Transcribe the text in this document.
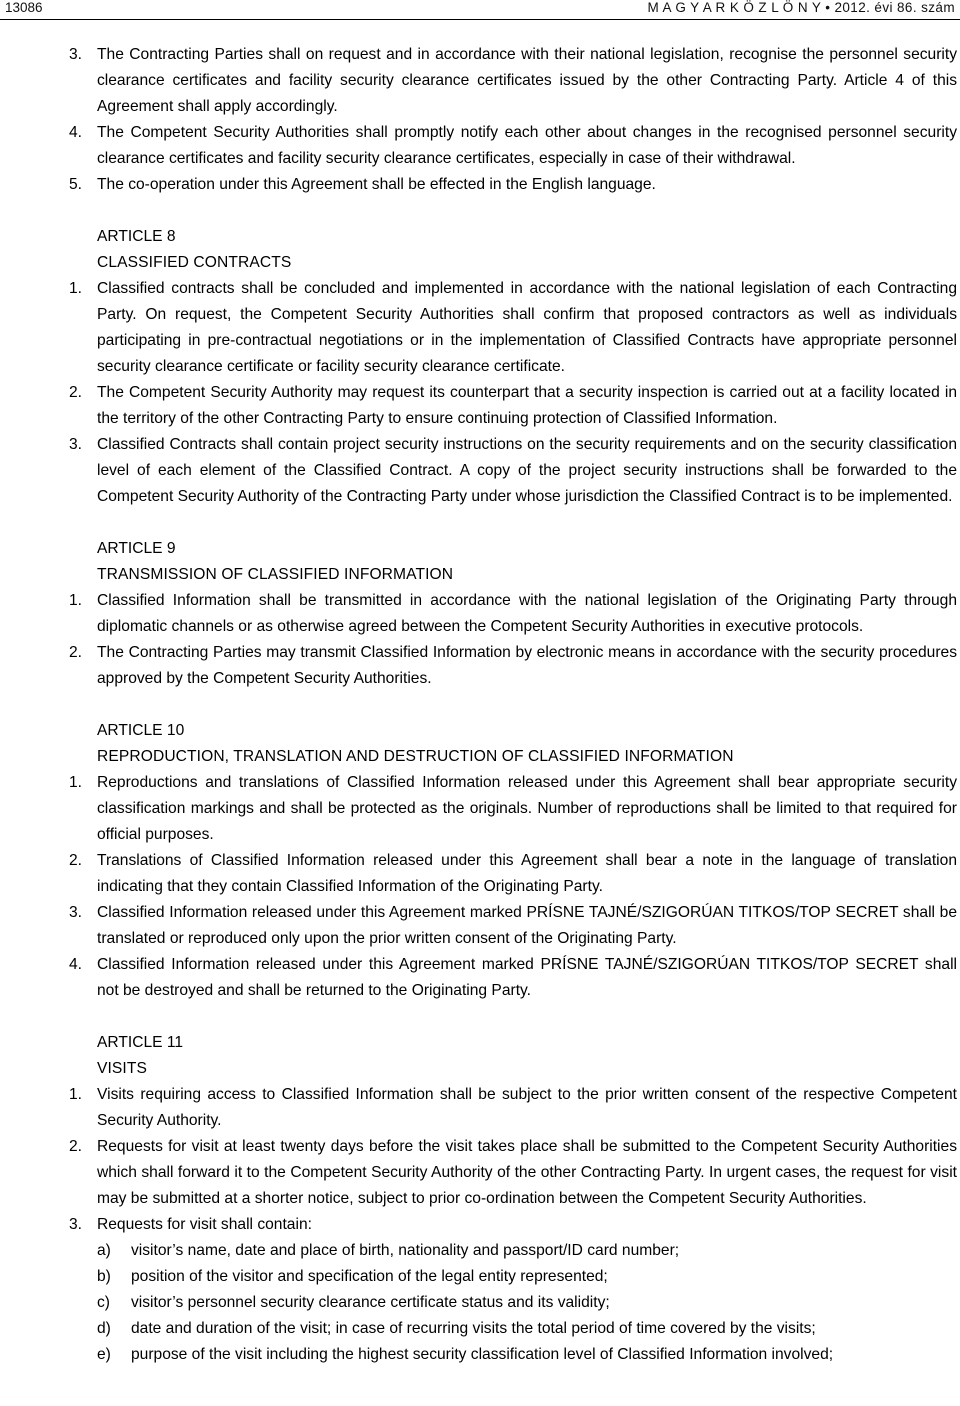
13086	M A G Y A R K Ö Z L Ö N Y • 2012. évi 86. szám
3. The Contracting Parties shall on request and in accordance with their national legislation, recognise the personnel security clearance certificates and facility security clearance certificates issued by the other Contracting Party. Article 4 of this Agreement shall apply accordingly.
4. The Competent Security Authorities shall promptly notify each other about changes in the recognised personnel security clearance certificates and facility security clearance certificates, especially in case of their withdrawal.
5. The co-operation under this Agreement shall be effected in the English language.
ARTICLE 8
CLASSIFIED CONTRACTS
1. Classified contracts shall be concluded and implemented in accordance with the national legislation of each Contracting Party. On request, the Competent Security Authorities shall confirm that proposed contractors as well as individuals participating in pre-contractual negotiations or in the implementation of Classified Contracts have appropriate personnel security clearance certificate or facility security clearance certificate.
2. The Competent Security Authority may request its counterpart that a security inspection is carried out at a facility located in the territory of the other Contracting Party to ensure continuing protection of Classified Information.
3. Classified Contracts shall contain project security instructions on the security requirements and on the security classification level of each element of the Classified Contract. A copy of the project security instructions shall be forwarded to the Competent Security Authority of the Contracting Party under whose jurisdiction the Classified Contract is to be implemented.
ARTICLE 9
TRANSMISSION OF CLASSIFIED INFORMATION
1. Classified Information shall be transmitted in accordance with the national legislation of the Originating Party through diplomatic channels or as otherwise agreed between the Competent Security Authorities in executive protocols.
2. The Contracting Parties may transmit Classified Information by electronic means in accordance with the security procedures approved by the Competent Security Authorities.
ARTICLE 10
REPRODUCTION, TRANSLATION AND DESTRUCTION OF CLASSIFIED INFORMATION
1. Reproductions and translations of Classified Information released under this Agreement shall bear appropriate security classification markings and shall be protected as the originals. Number of reproductions shall be limited to that required for official purposes.
2. Translations of Classified Information released under this Agreement shall bear a note in the language of translation indicating that they contain Classified Information of the Originating Party.
3. Classified Information released under this Agreement marked PRÍSNE TAJNÉ/SZIGORÚAN TITKOS/TOP SECRET shall be translated or reproduced only upon the prior written consent of the Originating Party.
4. Classified Information released under this Agreement marked PRÍSNE TAJNÉ/SZIGORÚAN TITKOS/TOP SECRET shall not be destroyed and shall be returned to the Originating Party.
ARTICLE 11
VISITS
1. Visits requiring access to Classified Information shall be subject to the prior written consent of the respective Competent Security Authority.
2. Requests for visit at least twenty days before the visit takes place shall be submitted to the Competent Security Authorities which shall forward it to the Competent Security Authority of the other Contracting Party. In urgent cases, the request for visit may be submitted at a shorter notice, subject to prior co-ordination between the Competent Security Authorities.
3. Requests for visit shall contain:
a) visitor’s name, date and place of birth, nationality and passport/ID card number;
b) position of the visitor and specification of the legal entity represented;
c) visitor’s personnel security clearance certificate status and its validity;
d) date and duration of the visit; in case of recurring visits the total period of time covered by the visits;
e) purpose of the visit including the highest security classification level of Classified Information involved;
